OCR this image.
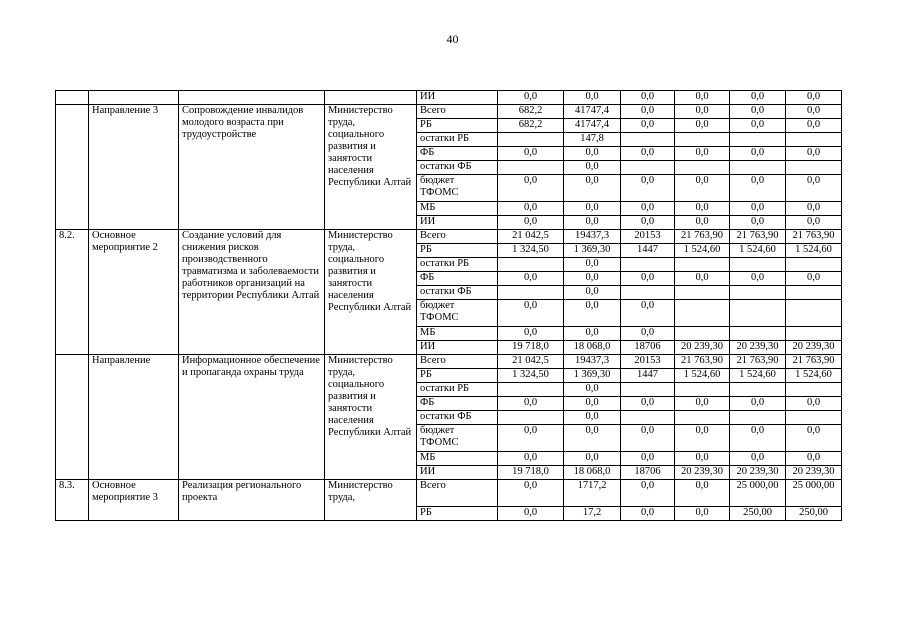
40
				ИИ	0,0	0,0	0,0	0,0	0,0	0,0
	Направление 3	Сопровождение инвалидов молодого возраста при трудоустройстве	Министерство труда, социального развития и занятости населения Республики Алтай	Всего	682,2	41747,4	0,0	0,0	0,0	0,0
				РБ	682,2	41747,4	0,0	0,0	0,0	0,0
				остатки РБ		147,8				
				ФБ	0,0	0,0	0,0	0,0	0,0	0,0
				остатки ФБ		0,0				
				бюджет ТФОМС	0,0	0,0	0,0	0,0	0,0	0,0
				МБ	0,0	0,0	0,0	0,0	0,0	0,0
				ИИ	0,0	0,0	0,0	0,0	0,0	0,0
8.2.	Основное мероприятие 2	Создание условий для снижения рисков производственного травматизма и заболеваемости работников организаций на территории Республики Алтай	Министерство труда, социального развития и занятости населения Республики Алтай	Всего	21 042,5	19437,3	20153	21 763,90	21 763,90	21 763,90
				РБ	1 324,50	1 369,30	1447	1 524,60	1 524,60	1 524,60
				остатки РБ		0,0				
				ФБ	0,0	0,0	0,0	0,0	0,0	0,0
				остатки ФБ		0,0				
				бюджет ТФОМС	0,0	0,0	0,0			
				МБ	0,0	0,0	0,0			
				ИИ	19 718,0	18 068,0	18706	20 239,30	20 239,30	20 239,30
	Направление	Информационное обеспечение и пропаганда охраны труда	Министерство труда, социального развития и занятости населения Республики Алтай	Всего	21 042,5	19437,3	20153	21 763,90	21 763,90	21 763,90
				РБ	1 324,50	1 369,30	1447	1 524,60	1 524,60	1 524,60
				остатки РБ		0,0				
				ФБ	0,0	0,0	0,0	0,0	0,0	0,0
				остатки ФБ		0,0				
				бюджет ТФОМС	0,0	0,0	0,0	0,0	0,0	0,0
				МБ	0,0	0,0	0,0	0,0	0,0	0,0
				ИИ	19 718,0	18 068,0	18706	20 239,30	20 239,30	20 239,30
8.3.	Основное мероприятие 3	Реализация регионального проекта	Министерство труда,	Всего	0,0	1717,2	0,0	0,0	25 000,00	25 000,00
				РБ	0,0	17,2	0,0	0,0	250,00	250,00
